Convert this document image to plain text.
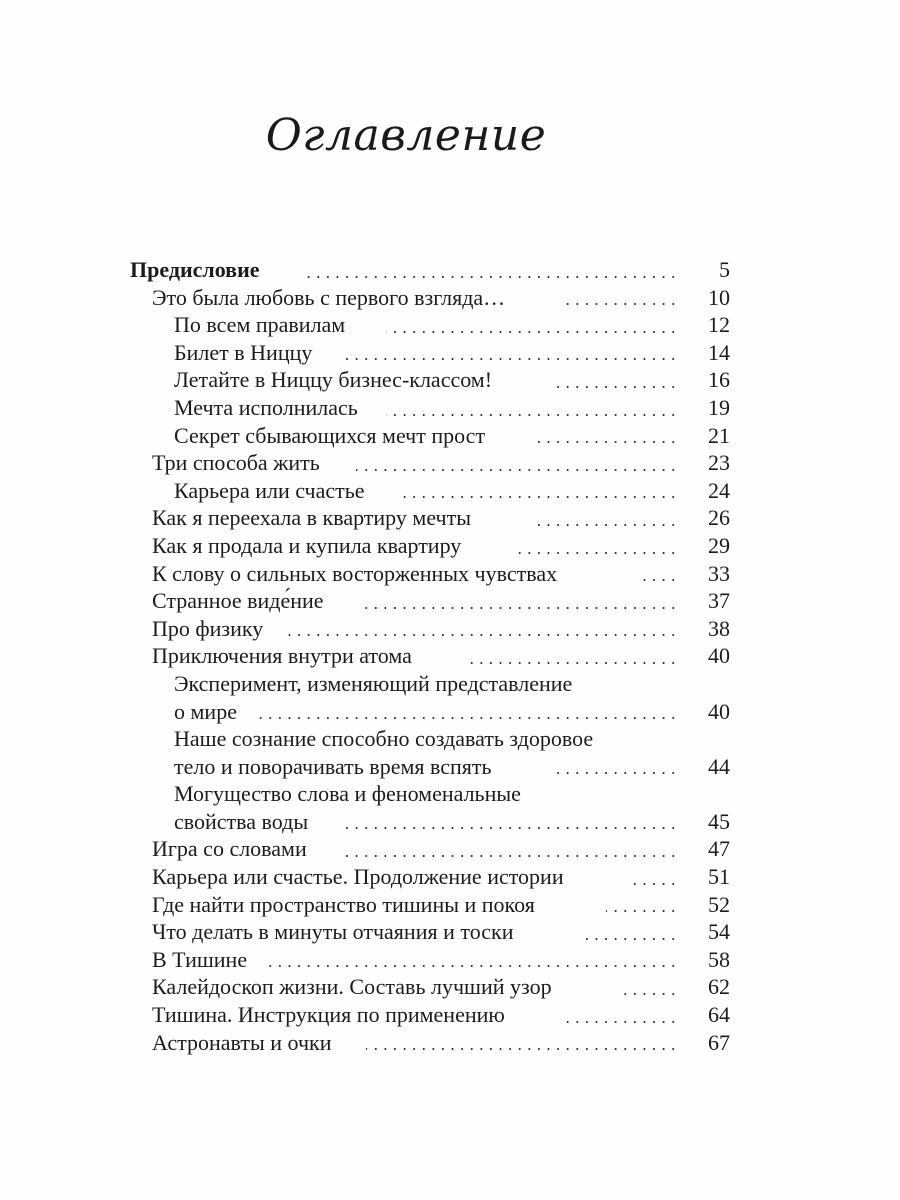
Оглавление
Предисловие	5
Это была любовь с первого взгляда…	10
По всем правилам	12
Билет в Ниццу	14
Летайте в Ниццу бизнес-классом!	16
Мечта исполнилась	19
Секрет сбывающихся мечт прост	21
Три способа жить	23
Карьера или счастье	24
Как я переехала в квартиру мечты	26
Как я продала и купила квартиру	29
К слову о сильных восторженных чувствах	33
Странное виде́ние	37
Про физику	38
Приключения внутри атома	40
Эксперимент, изменяющий представление
о мире	40
Наше сознание способно создавать здоровое
тело и поворачивать время вспять	44
Могущество слова и феноменальные
свойства воды	45
Игра со словами	47
Карьера или счастье. Продолжение истории	51
Где найти пространство тишины и покоя	52
Что делать в минуты отчаяния и тоски	54
В Тишине	58
Калейдоскоп жизни. Составь лучший узор	62
Тишина. Инструкция по применению	64
Астронавты и очки	67
